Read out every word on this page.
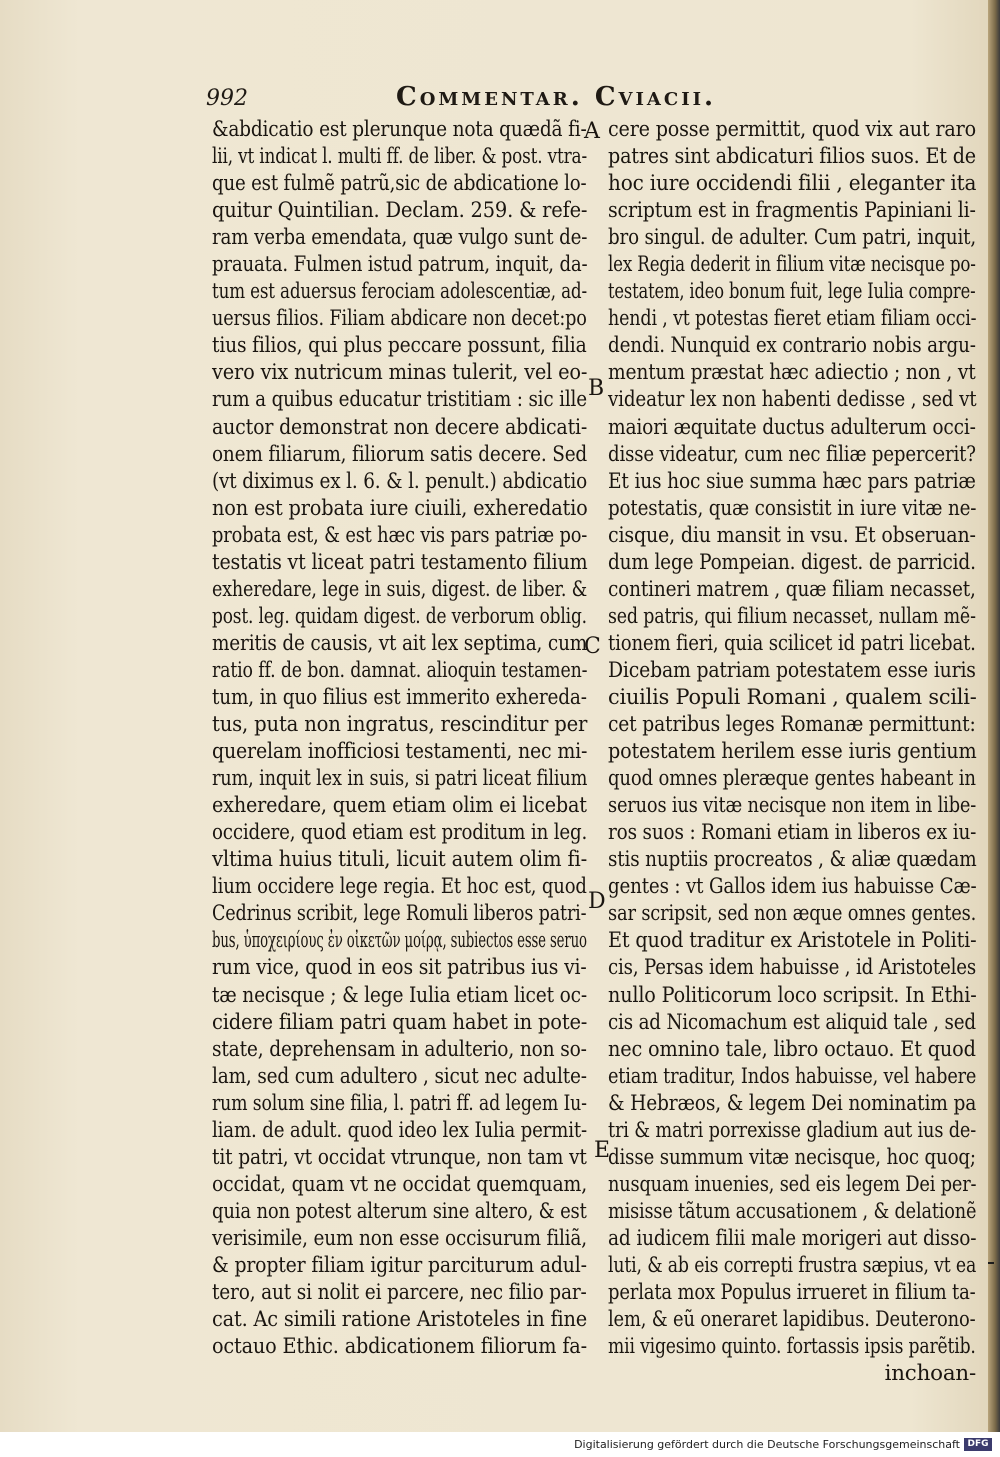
992	Commentar. Cviacii.
&abdicatio est plerunque nota quædã fi-
lii, vt indicat l. multi ff. de liber. & post. vtra-
que est fulmẽ patrũ,sic de abdicatione lo-
quitur Quintilian. Declam. 259. & refe-
ram verba emendata, quæ vulgo sunt de-
prauata. Fulmen istud patrum, inquit, da-
tum est aduersus ferociam adolescentiæ, ad-
uersus filios. Filiam abdicare non decet:po
tius filios, qui plus peccare possunt, filia
vero vix nutricum minas tulerit, vel eo-
rum a quibus educatur tristitiam : sic ille
auctor demonstrat non decere abdicati-
onem filiarum, filiorum satis decere. Sed
(vt diximus ex l. 6. & l. penult.) abdicatio
non est probata iure ciuili, exheredatio
probata est, & est hæc vis pars patriæ po-
testatis vt liceat patri testamento filium
exheredare, lege in suis, digest. de liber. &
post. leg. quidam digest. de verborum oblig.
meritis de causis, vt ait lex septima, cum
ratio ff. de bon. damnat. alioquin testamen-
tum, in quo filius est immerito exhereda-
tus, puta non ingratus, rescinditur per
querelam inofficiosi testamenti, nec mi-
rum, inquit lex in suis, si patri liceat filium
exheredare, quem etiam olim ei licebat
occidere, quod etiam est proditum in leg.
vltima huius tituli, licuit autem olim fi-
lium occidere lege regia. Et hoc est, quod
Cedrinus scribit, lege Romuli liberos patri-
bus, ὑποχειρίους ἐν οἰκετῶν μοίρᾳ, subiectos esse seruo
rum vice, quod in eos sit patribus ius vi-
tæ necisque ; & lege Iulia etiam licet oc-
cidere filiam patri quam habet in pote-
state, deprehensam in adulterio, non so-
lam, sed cum adultero , sicut nec adulte-
rum solum sine filia, l. patri ff. ad legem Iu-
liam. de adult. quod ideo lex Iulia permit-
tit patri, vt occidat vtrunque, non tam vt
occidat, quam vt ne occidat quemquam,
quia non potest alterum sine altero, & est
verisimile, eum non esse occisurum filiã,
& propter filiam igitur parciturum adul-
tero, aut si nolit ei parcere, nec filio par-
cat. Ac simili ratione Aristoteles in fine
octauo Ethic. abdicationem filiorum fa-
cere posse permittit, quod vix aut raro
patres sint abdicaturi filios suos. Et de
hoc iure occidendi filii , eleganter ita
scriptum est in fragmentis Papiniani li-
bro singul. de adulter. Cum patri, inquit,
lex Regia dederit in filium vitæ necisque po-
testatem, ideo bonum fuit, lege Iulia compre-
hendi , vt potestas fieret etiam filiam occi-
dendi. Nunquid ex contrario nobis argu-
mentum præstat hæc adiectio ; non , vt
videatur lex non habenti dedisse , sed vt
maiori æquitate ductus adulterum occi-
disse videatur, cum nec filiæ pepercerit?
Et ius hoc siue summa hæc pars patriæ
potestatis, quæ consistit in iure vitæ ne-
cisque, diu mansit in vsu. Et obseruan-
dum lege Pompeian. digest. de parricid.
contineri matrem , quæ filiam necasset,
sed patris, qui filium necasset, nullam mẽ-
tionem fieri, quia scilicet id patri licebat.
Dicebam patriam potestatem esse iuris
ciuilis Populi Romani , qualem scili-
cet patribus leges Romanæ permittunt:
potestatem herilem esse iuris gentium
quod omnes pleræque gentes habeant in
seruos ius vitæ necisque non item in libe-
ros suos : Romani etiam in liberos ex iu-
stis nuptiis procreatos , & aliæ quædam
gentes : vt Gallos idem ius habuisse Cæ-
sar scripsit, sed non æque omnes gentes.
Et quod traditur ex Aristotele in Politi-
cis, Persas idem habuisse , id Aristoteles
nullo Politicorum loco scripsit. In Ethi-
cis ad Nicomachum est aliquid tale , sed
nec omnino tale, libro octauo. Et quod
etiam traditur, Indos habuisse, vel habere
& Hebræos, & legem Dei nominatim pa
tri & matri porrexisse gladium aut ius de-
disse summum vitæ necisque, hoc quoq;
nusquam inuenies, sed eis legem Dei per-
misisse tãtum accusationem , & delationẽ
ad iudicem filii male morigeri aut disso-
luti, & ab eis correpti frustra sæpius, vt ea
perlata mox Populus irrueret in filium ta-
lem, & eũ oneraret lapidibus. Deuterono-
mii vigesimo quinto. fortassis ipsis parẽtib.
inchoan-
A
B
C
D
E
Digitalisierung gefördert durch die Deutsche Forschungsgemeinschaft DFG
